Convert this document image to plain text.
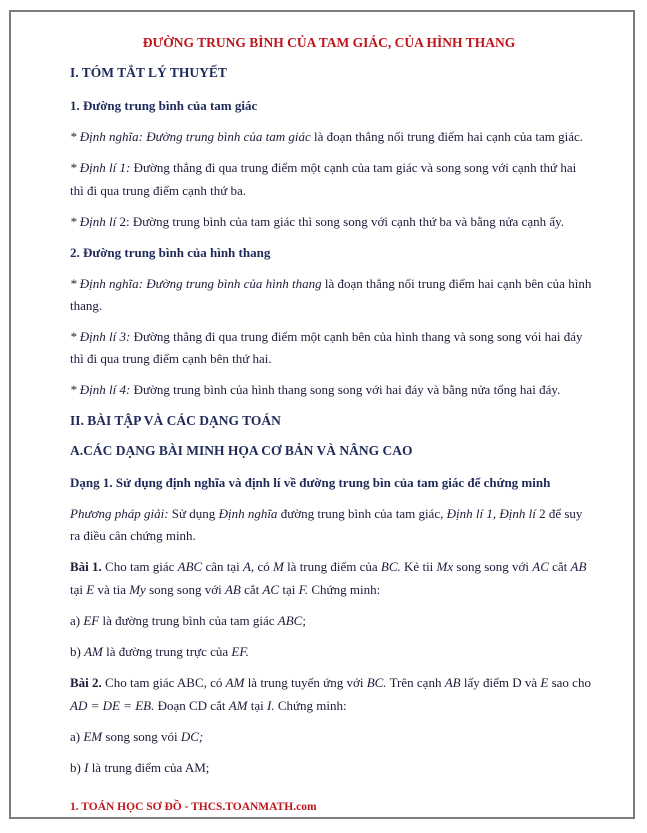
ĐƯỜNG TRUNG BÌNH CỦA TAM GIÁC, CỦA HÌNH THANG
I. TÓM TẮT LÝ THUYẾT
1. Đường trung bình của tam giác
* Định nghĩa: Đường trung bình của tam giác là đoạn thẳng nối trung điểm hai cạnh của tam giác.
* Định lí 1: Đường thẳng đi qua trung điểm một cạnh của tam giác và song song với cạnh thứ hai
thì đi qua trung điểm cạnh thứ ba.
* Định lí 2: Đường trung bình của tam giác thì song song với cạnh thứ ba và bằng nửa cạnh ấy.
2. Đường trung bình của hình thang
* Định nghĩa: Đường trung bình của hình thang là đoạn thẳng nối trung điểm hai cạnh bên của hình
thang.
* Định lí 3: Đường thẳng đi qua trung điểm một cạnh bên của hình thang và song song vói hai đáy
thì đi qua trung điểm cạnh bên thứ hai.
* Định lí 4: Đường trung bình của hình thang song song với hai đáy và bằng nửa tổng hai đáy.
II. BÀI TẬP VÀ CÁC DẠNG TOÁN
A.CÁC DẠNG BÀI MINH HỌA CƠ BẢN VÀ NÂNG CAO
Dạng 1. Sử dụng định nghĩa và định lí về đường trung bìn của tam giác để chứng minh
Phương pháp giải: Sử dụng Định nghĩa đường trung bình của tam giác, Định lí 1, Định lí 2 để suy
ra điều cân chứng minh.
Bài 1. Cho tam giác ABC cân tại A, có M là trung điểm của BC. Kẻ tii Mx song song với AC cắt AB
tại E và tia My song song với AB cắt AC tại F. Chứng minh:
a) EF là đường trung bình của tam giác ABC;
b) AM là đường trung trực của EF.
Bài 2. Cho tam giác ABC, có AM là trung tuyến ứng với BC. Trên cạnh AB lấy điểm D và E sao cho
AD = DE = EB. Đoạn CD cắt AM tại I. Chứng minh:
a) EM song song vói DC;
b) I là trung điểm của AM;
1. TOÁN HỌC SƠ ĐỒ - THCS.TOANMATH.com
